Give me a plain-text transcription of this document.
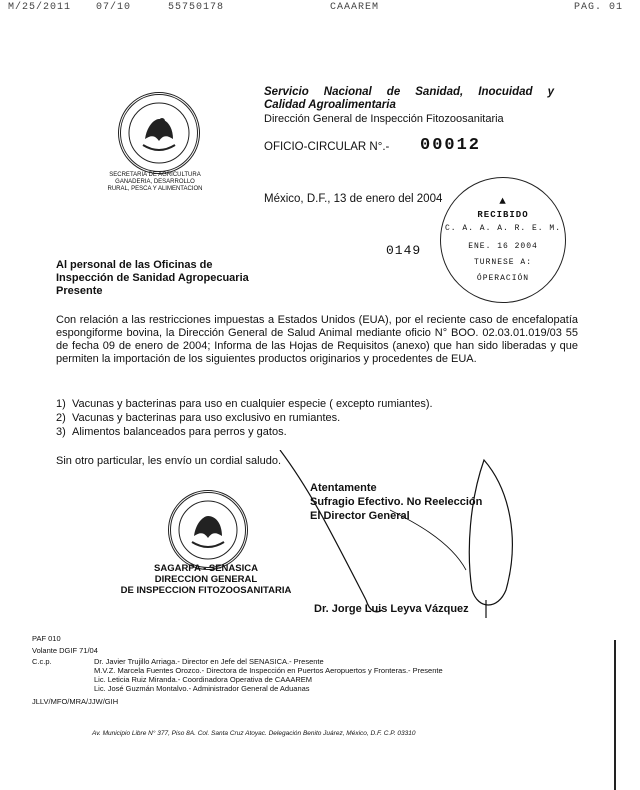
M/25/2011 07/10	55750178	CAAAREM	PAG. 01
SECRETARIA DE AGRICULTURA
GANADERIA, DESARROLLO
RURAL, PESCA Y ALIMENTACION
Servicio Nacional de Sanidad, Inocuidad y
Calidad Agroalimentaria
Dirección General de Inspección Fitozoosanitaria
OFICIO-CIRCULAR N°.- 00012
México, D.F., 13 de enero del 2004	▲
RECIBIDO
C. A. A. A. R. E. M.
ENE. 16 2004
TURNESE A:
ÓPERACIÓN
0149
Al personal de las Oficinas de
Inspección de Sanidad Agropecuaria
Presente
Con relación a las restricciones impuestas a Estados Unidos (EUA), por el reciente caso de encefalopatía espongiforme bovina, la Dirección General de Salud Animal mediante oficio N° BOO. 02.03.01.019/03 55 de fecha 09 de enero de 2004; Informa de las Hojas de Requisitos (anexo) que han sido liberadas y que permiten la importación de los siguientes productos originarios y procedentes de EUA.
1) Vacunas y bacterinas para uso en cualquier especie ( excepto rumiantes).
2) Vacunas y bacterinas para uso exclusivo en rumiantes.
3) Alimentos balanceados para perros y gatos.
Sin otro particular, les envío un cordial saludo.
Atentamente
Sufragio Efectivo. No Reelección
El Director General
Dr. Jorge Luis Leyva Vázquez
SAGARPA - SENASICA
DIRECCION GENERAL
DE INSPECCION FITOZOOSANITARIA
PAF 010
Volante DGIF 71/04
C.c.p.	Dr. Javier Trujillo Arriaga.- Director en Jefe del SENASICA.- Presente
M.V.Z. Marcela Fuentes Orozco.- Directora de Inspección en Puertos Aeropuertos y Fronteras.- Presente
Lic. Leticia Ruiz Miranda.- Coordinadora Operativa de CAAAREM
Lic. José Guzmán Montalvo.- Administrador General de Aduanas
JLLV/MFO/MRA/JJW/GIH
Av. Municipio Libre N° 377, Piso 8A. Col. Santa Cruz Atoyac. Delegación Benito Juárez, México, D.F. C.P. 03310
